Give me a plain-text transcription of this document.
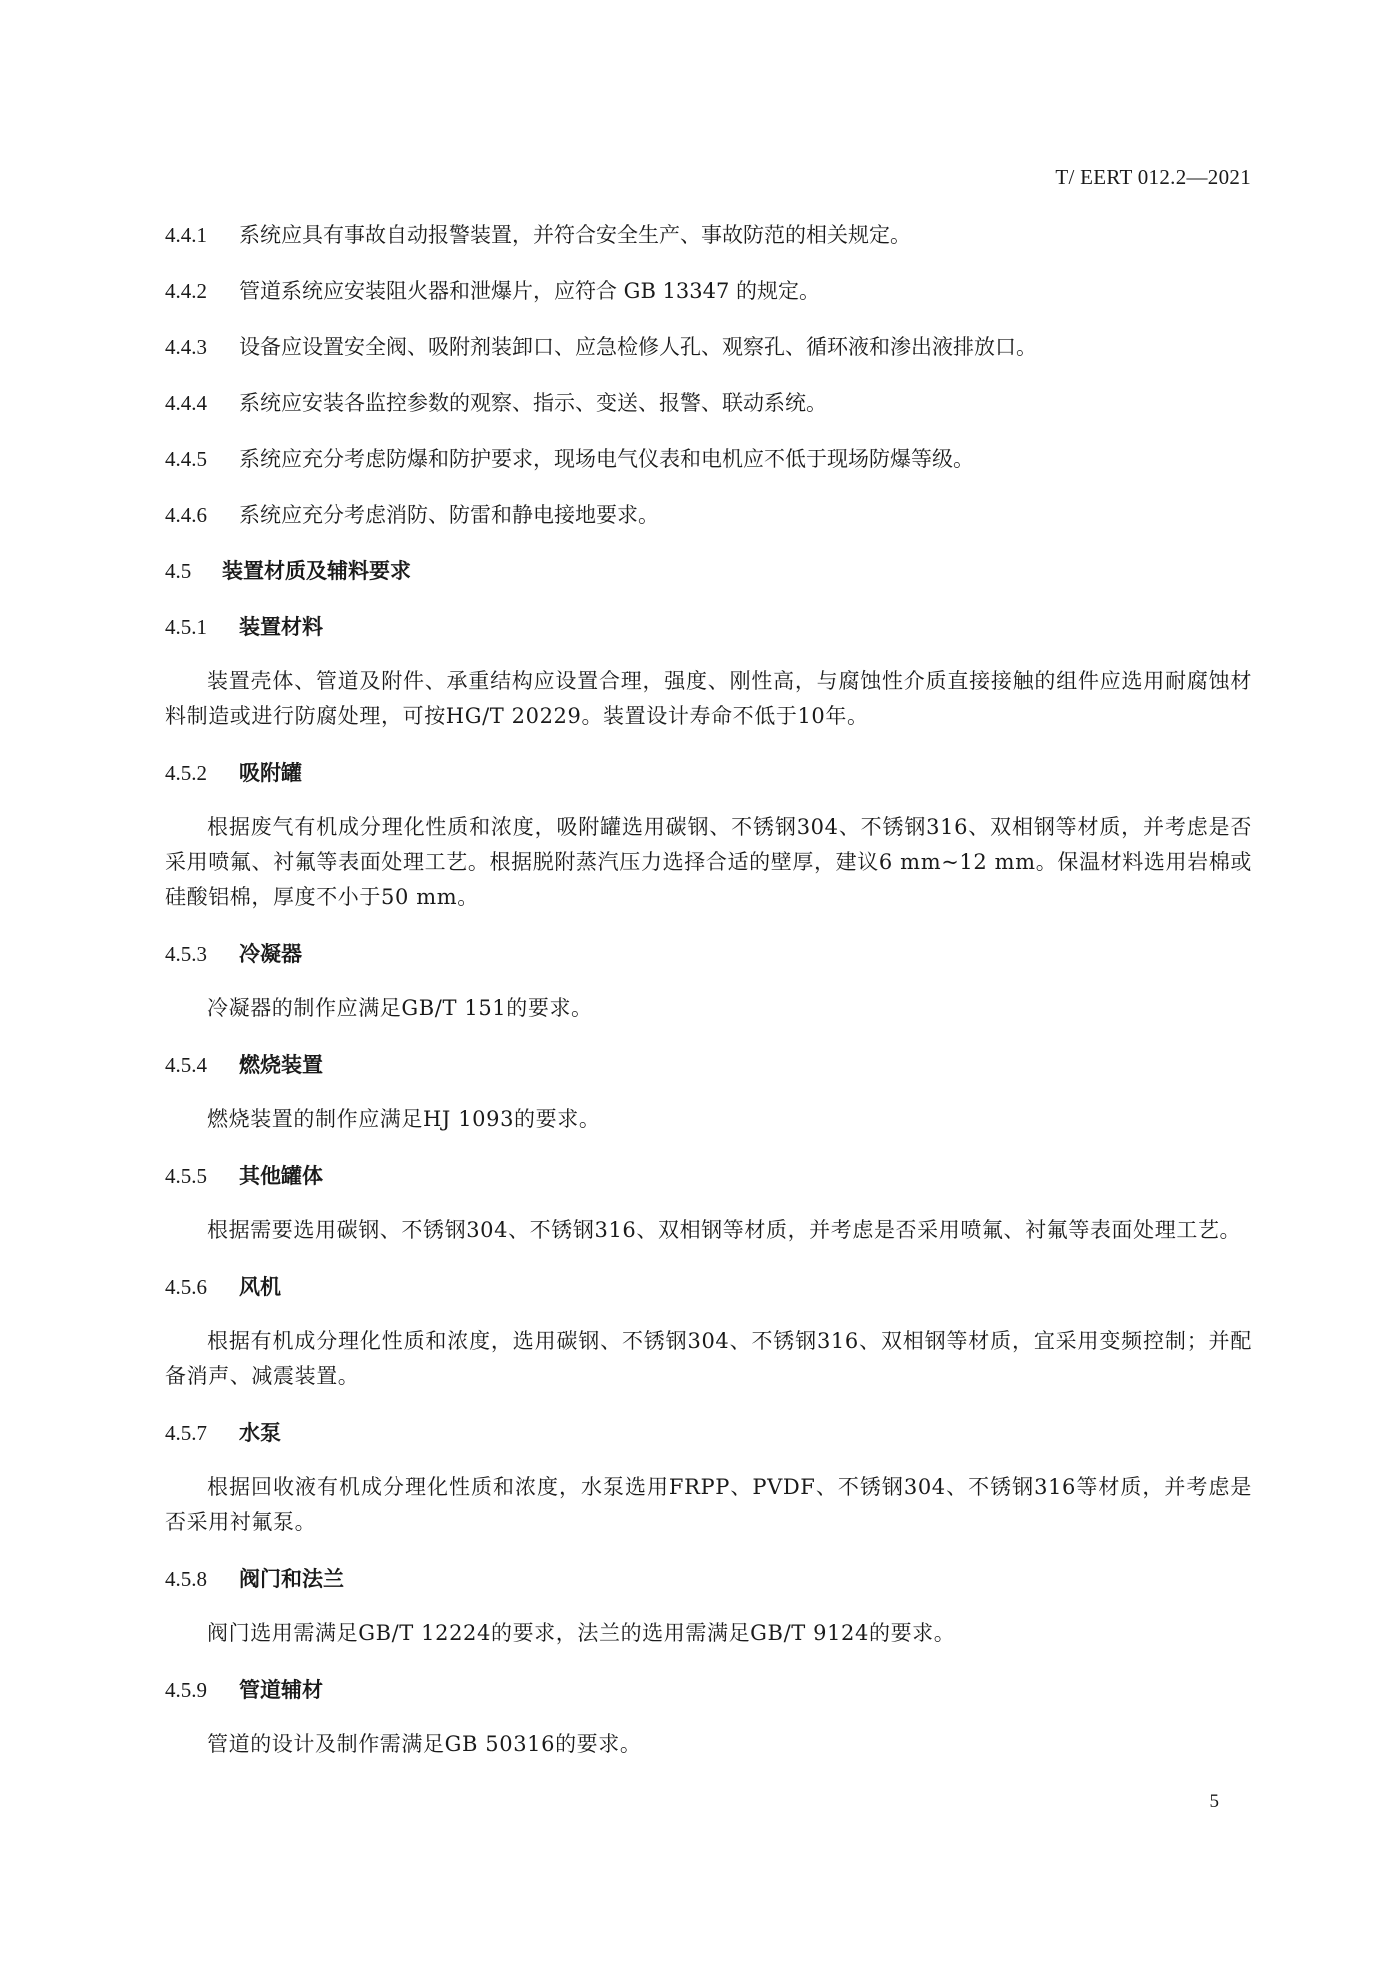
T/ EERT 012.2—2021
4.4.1 系统应具有事故自动报警装置，并符合安全生产、事故防范的相关规定。
4.4.2 管道系统应安装阻火器和泄爆片，应符合 GB 13347 的规定。
4.4.3 设备应设置安全阀、吸附剂装卸口、应急检修人孔、观察孔、循环液和渗出液排放口。
4.4.4 系统应安装各监控参数的观察、指示、变送、报警、联动系统。
4.4.5 系统应充分考虑防爆和防护要求，现场电气仪表和电机应不低于现场防爆等级。
4.4.6 系统应充分考虑消防、防雷和静电接地要求。
4.5 装置材质及辅料要求
4.5.1 装置材料
装置壳体、管道及附件、承重结构应设置合理，强度、刚性高，与腐蚀性介质直接接触的组件应选用耐腐蚀材料制造或进行防腐处理，可按HG/T 20229。装置设计寿命不低于10年。
4.5.2 吸附罐
根据废气有机成分理化性质和浓度，吸附罐选用碳钢、不锈钢304、不锈钢316、双相钢等材质，并考虑是否采用喷氟、衬氟等表面处理工艺。根据脱附蒸汽压力选择合适的壁厚，建议6 mm~12 mm。保温材料选用岩棉或硅酸铝棉，厚度不小于50 mm。
4.5.3 冷凝器
冷凝器的制作应满足GB/T 151的要求。
4.5.4 燃烧装置
燃烧装置的制作应满足HJ 1093的要求。
4.5.5 其他罐体
根据需要选用碳钢、不锈钢304、不锈钢316、双相钢等材质，并考虑是否采用喷氟、衬氟等表面处理工艺。
4.5.6 风机
根据有机成分理化性质和浓度，选用碳钢、不锈钢304、不锈钢316、双相钢等材质，宜采用变频控制；并配备消声、减震装置。
4.5.7 水泵
根据回收液有机成分理化性质和浓度，水泵选用FRPP、PVDF、不锈钢304、不锈钢316等材质，并考虑是否采用衬氟泵。
4.5.8 阀门和法兰
阀门选用需满足GB/T 12224的要求，法兰的选用需满足GB/T 9124的要求。
4.5.9 管道辅材
管道的设计及制作需满足GB 50316的要求。
5
